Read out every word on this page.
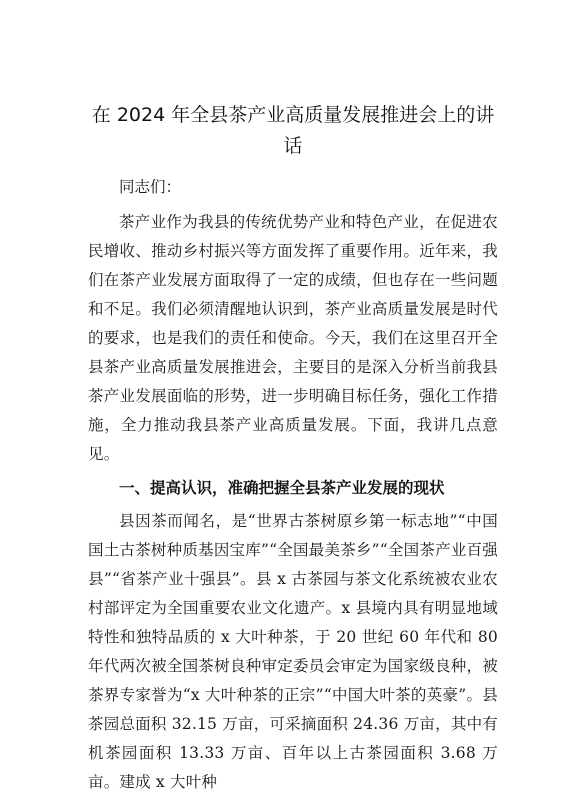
在 2024 年全县茶产业高质量发展推进会上的讲话

同志们：

茶产业作为我县的传统优势产业和特色产业，在促进农民增收、推动乡村振兴等方面发挥了重要作用。近年来，我们在茶产业发展方面取得了一定的成绩，但也存在一些问题和不足。我们必须清醒地认识到，茶产业高质量发展是时代的要求，也是我们的责任和使命。今天，我们在这里召开全县茶产业高质量发展推进会，主要目的是深入分析当前我县茶产业发展面临的形势，进一步明确目标任务，强化工作措施，全力推动我县茶产业高质量发展。下面，我讲几点意见。

一、提高认识，准确把握全县茶产业发展的现状

县因茶而闻名，是“世界古茶树原乡第一标志地”“中国国土古茶树种质基因宝库”“全国最美茶乡”“全国茶产业百强县”“省茶产业十强县”。县 x 古茶园与茶文化系统被农业农村部评定为全国重要农业文化遗产。x 县境内具有明显地域特性和独特品质的 x 大叶种茶，于 20 世纪 60 年代和 80 年代两次被全国茶树良种审定委员会审定为国家级良种，被茶界专家誉为“x 大叶种茶的正宗”“中国大叶茶的英豪”。县茶园总面积 32.15 万亩，可采摘面积 24.36 万亩，其中有机茶园面积 13.33 万亩、百年以上古茶园面积 3.68 万亩。建成 x 大叶种
